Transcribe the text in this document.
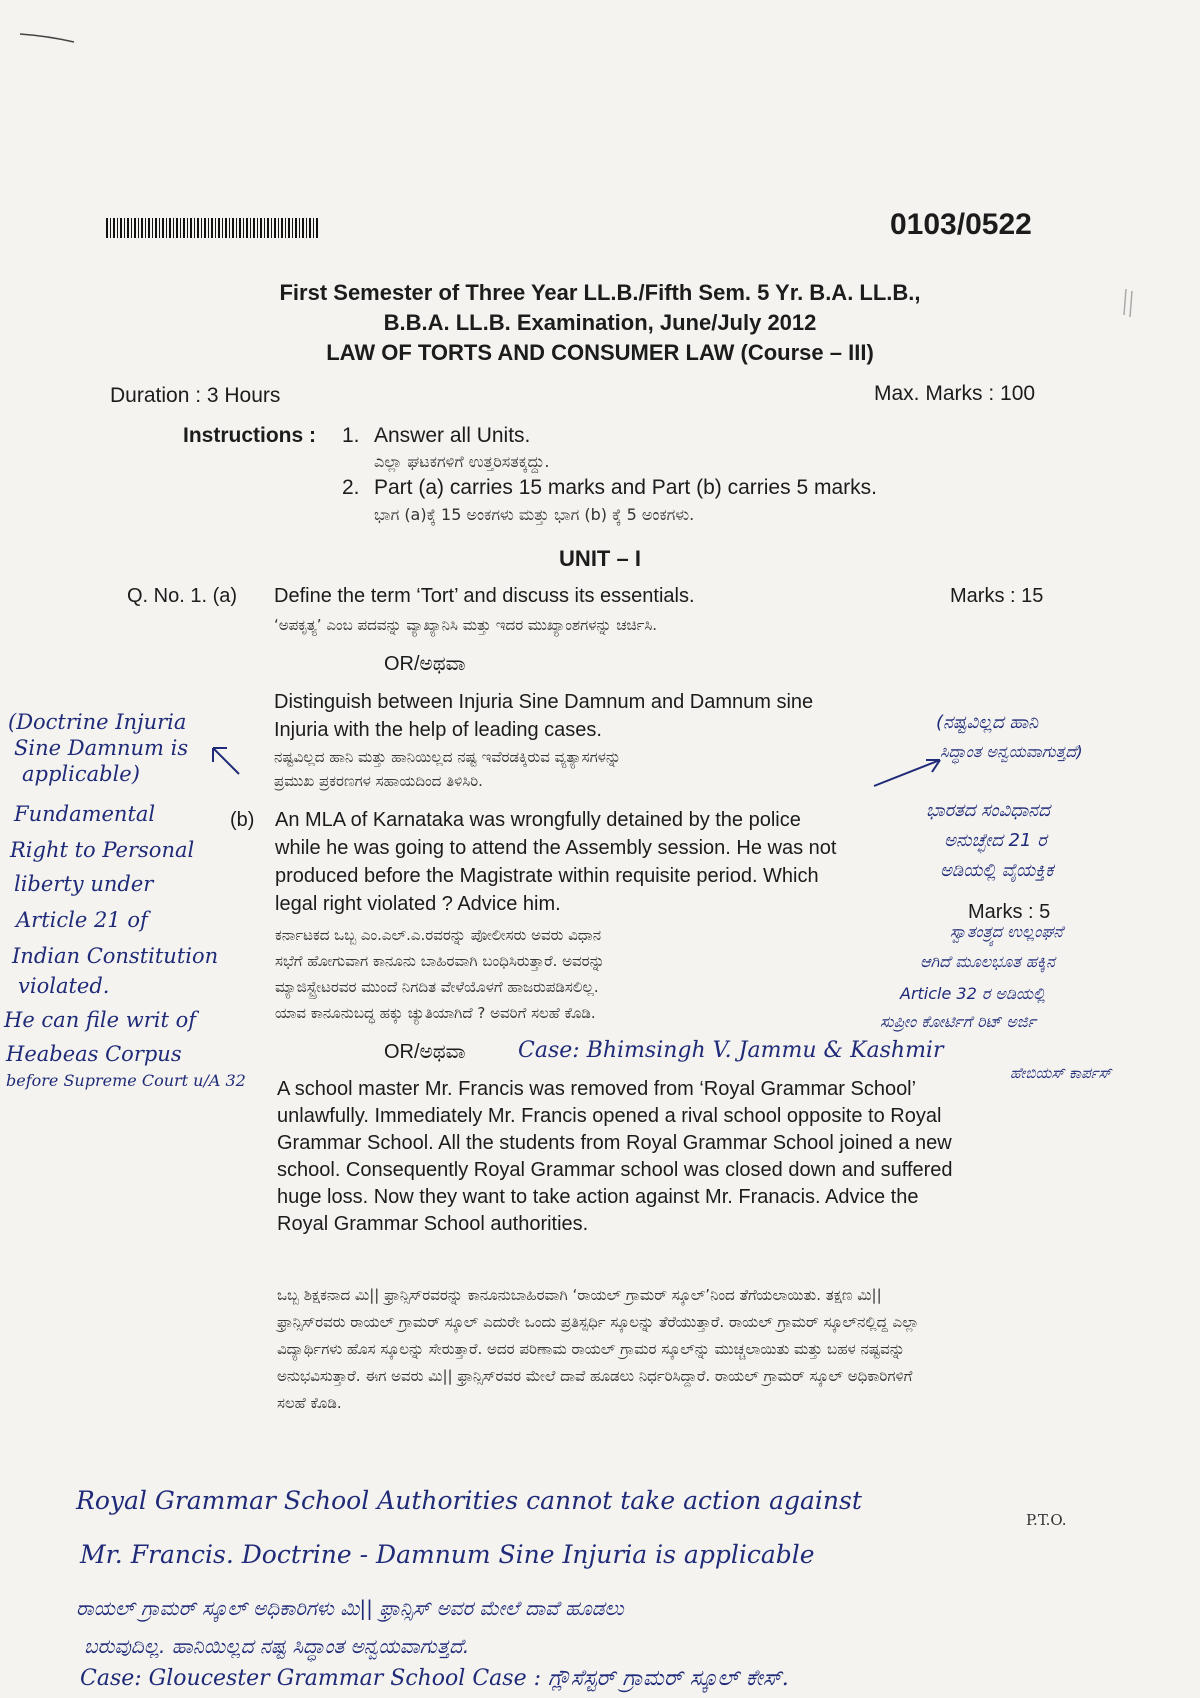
0103/0522
First Semester of Three Year LL.B./Fifth Sem. 5 Yr. B.A. LL.B.,
B.B.A. LL.B. Examination, June/July 2012
LAW OF TORTS AND CONSUMER LAW (Course – III)
Duration : 3 Hours	Max. Marks : 100
Instructions : 1. Answer all Units.
ಎಲ್ಲಾ ಘಟಕಗಳಿಗೆ ಉತ್ತರಿಸತಕ್ಕದ್ದು.
2. Part (a) carries 15 marks and Part (b) carries 5 marks.
ಭಾಗ (a)ಕ್ಕೆ 15 ಅಂಕಗಳು ಮತ್ತು ಭಾಗ (b) ಕ್ಕೆ 5 ಅಂಕಗಳು.
UNIT – I
Q. No. 1. (a) Define the term ‘Tort’ and discuss its essentials.	Marks : 15
‘ಅಪಕೃತ್ಯ’ ಎಂಬ ಪದವನ್ನು ವ್ಯಾಖ್ಯಾನಿಸಿ ಮತ್ತು ಇದರ ಮುಖ್ಯಾಂಶಗಳನ್ನು ಚರ್ಚಿಸಿ.
OR/ಅಥವಾ
Distinguish between Injuria Sine Damnum and Damnum sine
Injuria with the help of leading cases.
ನಷ್ಟವಿಲ್ಲದ ಹಾನಿ ಮತ್ತು ಹಾನಿಯಿಲ್ಲದ ನಷ್ಟ ಇವೆರಡಕ್ಕಿರುವ ವ್ಯತ್ಯಾಸಗಳನ್ನು
ಪ್ರಮುಖ ಪ್ರಕರಣಗಳ ಸಹಾಯದಿಂದ ತಿಳಿಸಿರಿ.
(b) An MLA of Karnataka was wrongfully detained by the police
while he was going to attend the Assembly session. He was not
produced before the Magistrate within requisite period. Which
legal right violated ? Advice him.	Marks : 5
ಕರ್ನಾಟಕದ ಒಬ್ಬ ಎಂ.ಎಲ್.ಎ.ರವರನ್ನು ಪೋಲೀಸರು ಅವರು ವಿಧಾನ
ಸಭೆಗೆ ಹೋಗುವಾಗ ಕಾನೂನು ಬಾಹಿರವಾಗಿ ಬಂಧಿಸಿರುತ್ತಾರೆ. ಅವರನ್ನು
ಮ್ಯಾಜಿಸ್ಟ್ರೇಟರವರ ಮುಂದೆ ನಿಗದಿತ ವೇಳೆಯೊಳಗೆ ಹಾಜರುಪಡಿಸಲಿಲ್ಲ.
ಯಾವ ಕಾನೂನುಬದ್ಧ ಹಕ್ಕು ಚ್ಯುತಿಯಾಗಿದೆ ? ಅವರಿಗೆ ಸಲಹೆ ಕೊಡಿ.
OR/ಅಥವಾ
A school master Mr. Francis was removed from ‘Royal Grammar School’ unlawfully. Immediately Mr. Francis opened a rival school opposite to Royal Grammar School. All the students from Royal Grammar School joined a new school. Consequently Royal Grammar school was closed down and suffered huge loss. Now they want to take action against Mr. Franacis. Advice the Royal Grammar School authorities.
ಒಬ್ಬ ಶಿಕ್ಷಕನಾದ ಮಿ|| ಫ್ರಾನ್ಸಿಸ್‌ರವರನ್ನು ಕಾನೂನುಬಾಹಿರವಾಗಿ ‘ರಾಯಲ್ ಗ್ರಾಮರ್ ಸ್ಕೂಲ್’ನಿಂದ ತೆಗೆಯಲಾಯಿತು. ತಕ್ಷಣ ಮಿ|| ಫ್ರಾನ್ಸಿಸ್‌ರವರು ರಾಯಲ್ ಗ್ರಾಮರ್ ಸ್ಕೂಲ್ ಎದುರೇ ಒಂದು ಪ್ರತಿಸ್ಪರ್ಧಿ ಸ್ಕೂಲನ್ನು ತೆರೆಯುತ್ತಾರೆ. ರಾಯಲ್ ಗ್ರಾಮರ್ ಸ್ಕೂಲ್‌ನಲ್ಲಿದ್ದ ಎಲ್ಲಾ ವಿದ್ಯಾರ್ಥಿಗಳು ಹೊಸ ಸ್ಕೂಲನ್ನು ಸೇರುತ್ತಾರೆ. ಅದರ ಪರಿಣಾಮ ರಾಯಲ್ ಗ್ರಾಮರ ಸ್ಕೂಲ್‌ನ್ನು ಮುಚ್ಚಲಾಯಿತು ಮತ್ತು ಬಹಳ ನಷ್ಟವನ್ನು ಅನುಭವಿಸುತ್ತಾರೆ. ಈಗ ಅವರು ಮಿ|| ಫ್ರಾನ್ಸಿಸ್‌ರವರ ಮೇಲೆ ದಾವೆ ಹೂಡಲು ನಿರ್ಧರಿಸಿದ್ದಾರೆ. ರಾಯಲ್ ಗ್ರಾಮರ್ ಸ್ಕೂಲ್ ಅಧಿಕಾರಿಗಳಿಗೆ ಸಲಹೆ ಕೊಡಿ.
(Doctrine Injuria
Sine Damnum is
applicable)
Fundamental
Right to Personal
liberty under
Article 21 of
Indian Constitution
violated.
He can file writ of
Heabeas Corpus
before Supreme Court u/A 32
(ನಷ್ಟವಿಲ್ಲದ ಹಾನಿ
ಸಿದ್ಧಾಂತ ಅನ್ವಯವಾಗುತ್ತದೆ)
ಭಾರತದ ಸಂವಿಧಾನದ
ಅನುಚ್ಛೇದ 21 ರ
ಅಡಿಯಲ್ಲಿ ವೈಯಕ್ತಿಕ
ಸ್ವಾತಂತ್ರ್ಯದ ಉಲ್ಲಂಘನೆ
ಆಗಿದೆ ಮೂಲಭೂತ ಹಕ್ಕಿನ
Article 32 ರ ಅಡಿಯಲ್ಲಿ
ಸುಪ್ರೀಂ ಕೋರ್ಟಿಗೆ ರಿಟ್ ಅರ್ಜಿ
Case: Bhimsingh V. Jammu & Kashmir
ಹೇಬಿಯಸ್ ಕಾರ್ಪಸ್
Royal Grammar School Authorities cannot take action against
P.T.O.
Mr. Francis. Doctrine - Damnum Sine Injuria is applicable
ರಾಯಲ್ ಗ್ರಾಮರ್ ಸ್ಕೂಲ್ ಅಧಿಕಾರಿಗಳು ಮಿ|| ಫ್ರಾನ್ಸಿಸ್ ಅವರ ಮೇಲೆ ದಾವೆ ಹೂಡಲು
ಬರುವುದಿಲ್ಲ. ಹಾನಿಯಿಲ್ಲದ ನಷ್ಟ ಸಿದ್ಧಾಂತ ಅನ್ವಯವಾಗುತ್ತದೆ.
Case: Gloucester Grammar School Case : ಗ್ಲೌಸೆಸ್ಟರ್ ಗ್ರಾಮರ್ ಸ್ಕೂಲ್ ಕೇಸ್.
